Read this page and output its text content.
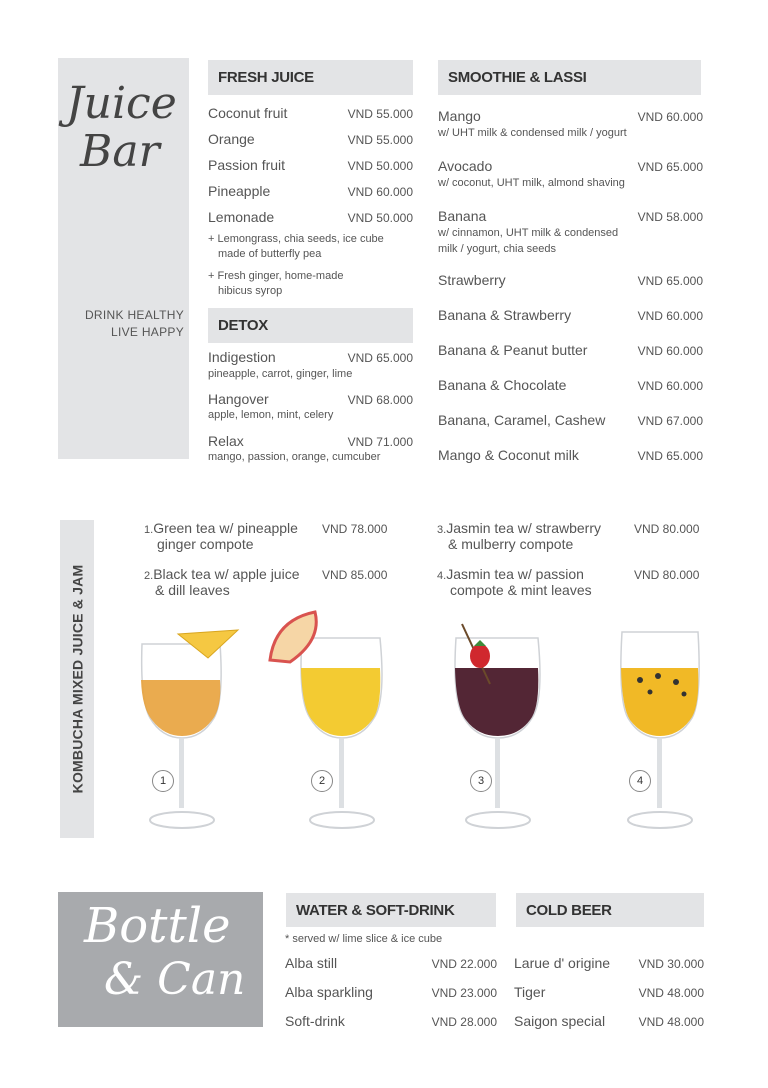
Juice
Bar
DRINK HEALTHY
LIVE HAPPY
FRESH JUICE
Coconut fruit	VND 55.000
Orange	VND 55.000
Passion fruit	VND 50.000
Pineapple	VND 60.000
Lemonade	VND 50.000
+ Lemongrass, chia seeds, ice cube
made of butterfly pea
+ Fresh ginger, home-made
hibicus syrop
DETOX
Indigestion	VND 65.000
pineapple, carrot, ginger, lime
Hangover	VND 68.000
apple, lemon, mint, celery
Relax	VND 71.000
mango, passion, orange, cumcuber
SMOOTHIE & LASSI
Mango	VND 60.000
w/ UHT milk & condensed milk / yogurt
Avocado	VND 65.000
w/ coconut, UHT milk, almond shaving
Banana	VND 58.000
w/ cinnamon, UHT milk & condensed
milk / yogurt, chia seeds
Strawberry	VND 65.000
Banana & Strawberry	VND 60.000
Banana & Peanut butter	VND 60.000
Banana & Chocolate	VND 60.000
Banana, Caramel, Cashew	VND 67.000
Mango & Coconut milk	VND 65.000
KOMBUCHA MIXED JUICE & JAM
1.Green tea w/ pineapple
ginger compote
VND 78.000
2.Black tea w/ apple juice
& dill leaves
VND 85.000
3.Jasmin tea w/ strawberry
& mulberry compote
VND 80.000
4.Jasmin tea w/ passion
compote & mint leaves
VND 80.000
1	2	3	4
Bottle
& Can
WATER & SOFT-DRINK
* served w/ lime slice & ice cube
Alba still	VND 22.000
Alba sparkling	VND 23.000
Soft-drink	VND 28.000
COLD BEER
Larue d' origine VND 30.000
Tiger	VND 48.000
Saigon special	VND 48.000
